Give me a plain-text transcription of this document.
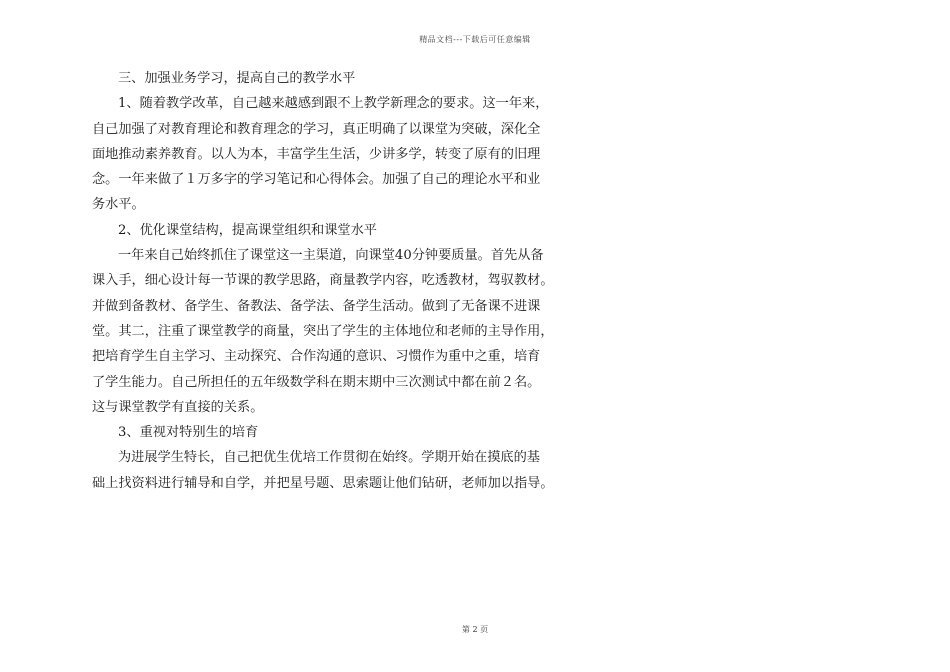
精品文档---下载后可任意编辑
三、加强业务学习，提高自己的教学水平
1、随着教学改革，自己越来越感到跟不上教学新理念的要求。这一年来，
自己加强了对教育理论和教育理念的学习，真正明确了以课堂为突破，深化全
面地推动素养教育。以人为本，丰富学生生活，少讲多学，转变了原有的旧理
念。一年来做了１万多字的学习笔记和心得体会。加强了自己的理论水平和业
务水平。
2、优化课堂结构，提高课堂组织和课堂水平
一年来自己始终抓住了课堂这一主渠道，向课堂40分钟要质量。首先从备
课入手，细心设计每一节课的教学思路，商量教学内容，吃透教材，驾驭教材。
并做到备教材、备学生、备教法、备学法、备学生活动。做到了无备课不进课
堂。其二，注重了课堂教学的商量，突出了学生的主体地位和老师的主导作用，
把培育学生自主学习、主动探究、合作沟通的意识、习惯作为重中之重，培育
了学生能力。自己所担任的五年级数学科在期末期中三次测试中都在前２名。
这与课堂教学有直接的关系。
3、重视对特别生的培育
为进展学生特长，自己把优生优培工作贯彻在始终。学期开始在摸底的基
础上找资料进行辅导和自学，并把星号题、思索题让他们钻研，老师加以指导。
第 2 页
